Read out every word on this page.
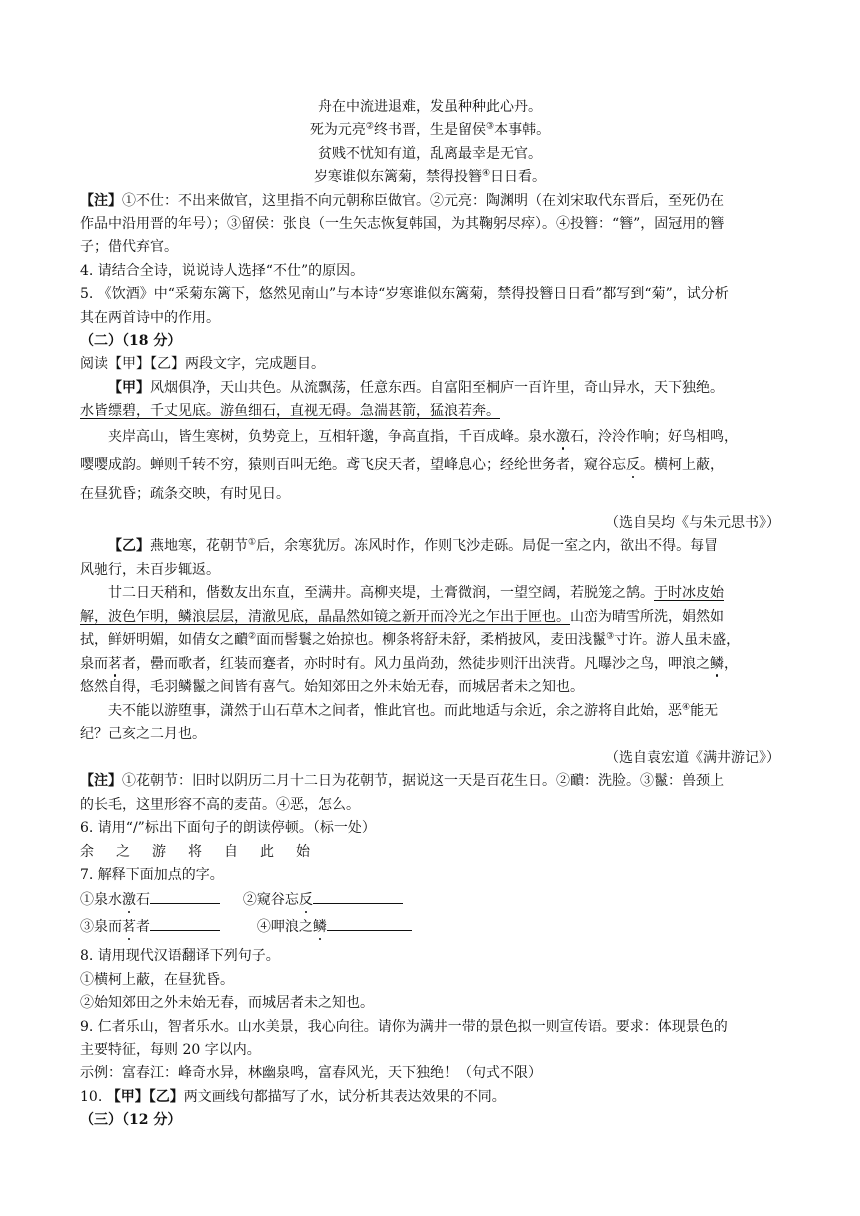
舟在中流进退难，发虽种种此心丹。
死为元亮②终书晋，生是留侯③本事韩。
贫贱不忧知有道，乱离最幸是无官。
岁寒谁似东篱菊，禁得投簪④日日看。
【注】①不仕：不出来做官，这里指不向元朝称臣做官。②元亮：陶渊明（在刘宋取代东晋后，至死仍在
作品中沿用晋的年号）；③留侯：张良（一生矢志恢复韩国，为其鞠躬尽瘁）。④投簪：“簪”，固冠用的簪
子；借代弃官。
4. 请结合全诗，说说诗人选择“不仕”的原因。
5. 《饮酒》中“采菊东篱下，悠然见南山”与本诗“岁寒谁似东篱菊，禁得投簪日日看”都写到“菊”，试分析
其在两首诗中的作用。
（二）（18 分）
阅读【甲】【乙】两段文字，完成题目。
【甲】风烟俱净，天山共色。从流飘荡，任意东西。自富阳至桐庐一百许里，奇山异水，天下独绝。
水皆缥碧，千丈见底。游鱼细石，直视无碍。急湍甚箭，猛浪若奔。
夹岸高山，皆生寒树，负势竞上，互相轩邈，争高直指，千百成峰。泉水激石，泠泠作响；好鸟相鸣，
嘤嘤成韵。蝉则千转不穷，猿则百叫无绝。鸢飞戾天者，望峰息心；经纶世务者，窥谷忘反。横柯上蔽，
在昼犹昏；疏条交映，有时见日。
（选自吴均《与朱元思书》）
【乙】燕地寒，花朝节①后，余寒犹厉。冻风时作，作则飞沙走砾。局促一室之内，欲出不得。每冒
风驰行，未百步辄返。
廿二日天稍和，偕数友出东直，至满井。高柳夹堤，土膏微润，一望空阔，若脱笼之鹄。于时冰皮始
解，波色乍明，鳞浪层层，清澈见底，晶晶然如镜之新开而冷光之乍出于匣也。山峦为晴雪所洗，娟然如
拭，鲜妍明媚，如倩女之靧②面而髻鬟之始掠也。柳条将舒未舒，柔梢披风，麦田浅鬣③寸许。游人虽未盛，
泉而茗者，罍而歌者，红装而蹇者，亦时时有。风力虽尚劲，然徒步则汗出浃背。凡曝沙之鸟，呷浪之鳞，
悠然自得，毛羽鳞鬣之间皆有喜气。始知郊田之外未始无春，而城居者未之知也。
夫不能以游堕事，潇然于山石草木之间者，惟此官也。而此地适与余近，余之游将自此始，恶④能无
纪？己亥之二月也。
（选自袁宏道《满井游记》）
【注】①花朝节：旧时以阴历二月十二日为花朝节，据说这一天是百花生日。②靧：洗脸。③鬣：兽颈上
的长毛，这里形容不高的麦苗。④恶，怎么。
6. 请用“/”标出下面句子的朗读停顿。（标一处）
余 之 游 将 自 此 始
7. 解释下面加点的字。
①泉水激石	②窥谷忘反
③泉而茗者	④呷浪之鳞
8. 请用现代汉语翻译下列句子。
①横柯上蔽，在昼犹昏。
②始知郊田之外未始无春，而城居者未之知也。
9. 仁者乐山，智者乐水。山水美景，我心向往。请你为满井一带的景色拟一则宣传语。要求：体现景色的
主要特征，每则 20 字以内。
示例：富春江：峰奇水异，林幽泉鸣，富春风光，天下独绝！（句式不限）
10. 【甲】【乙】两文画线句都描写了水，试分析其表达效果的不同。
（三）（12 分）
